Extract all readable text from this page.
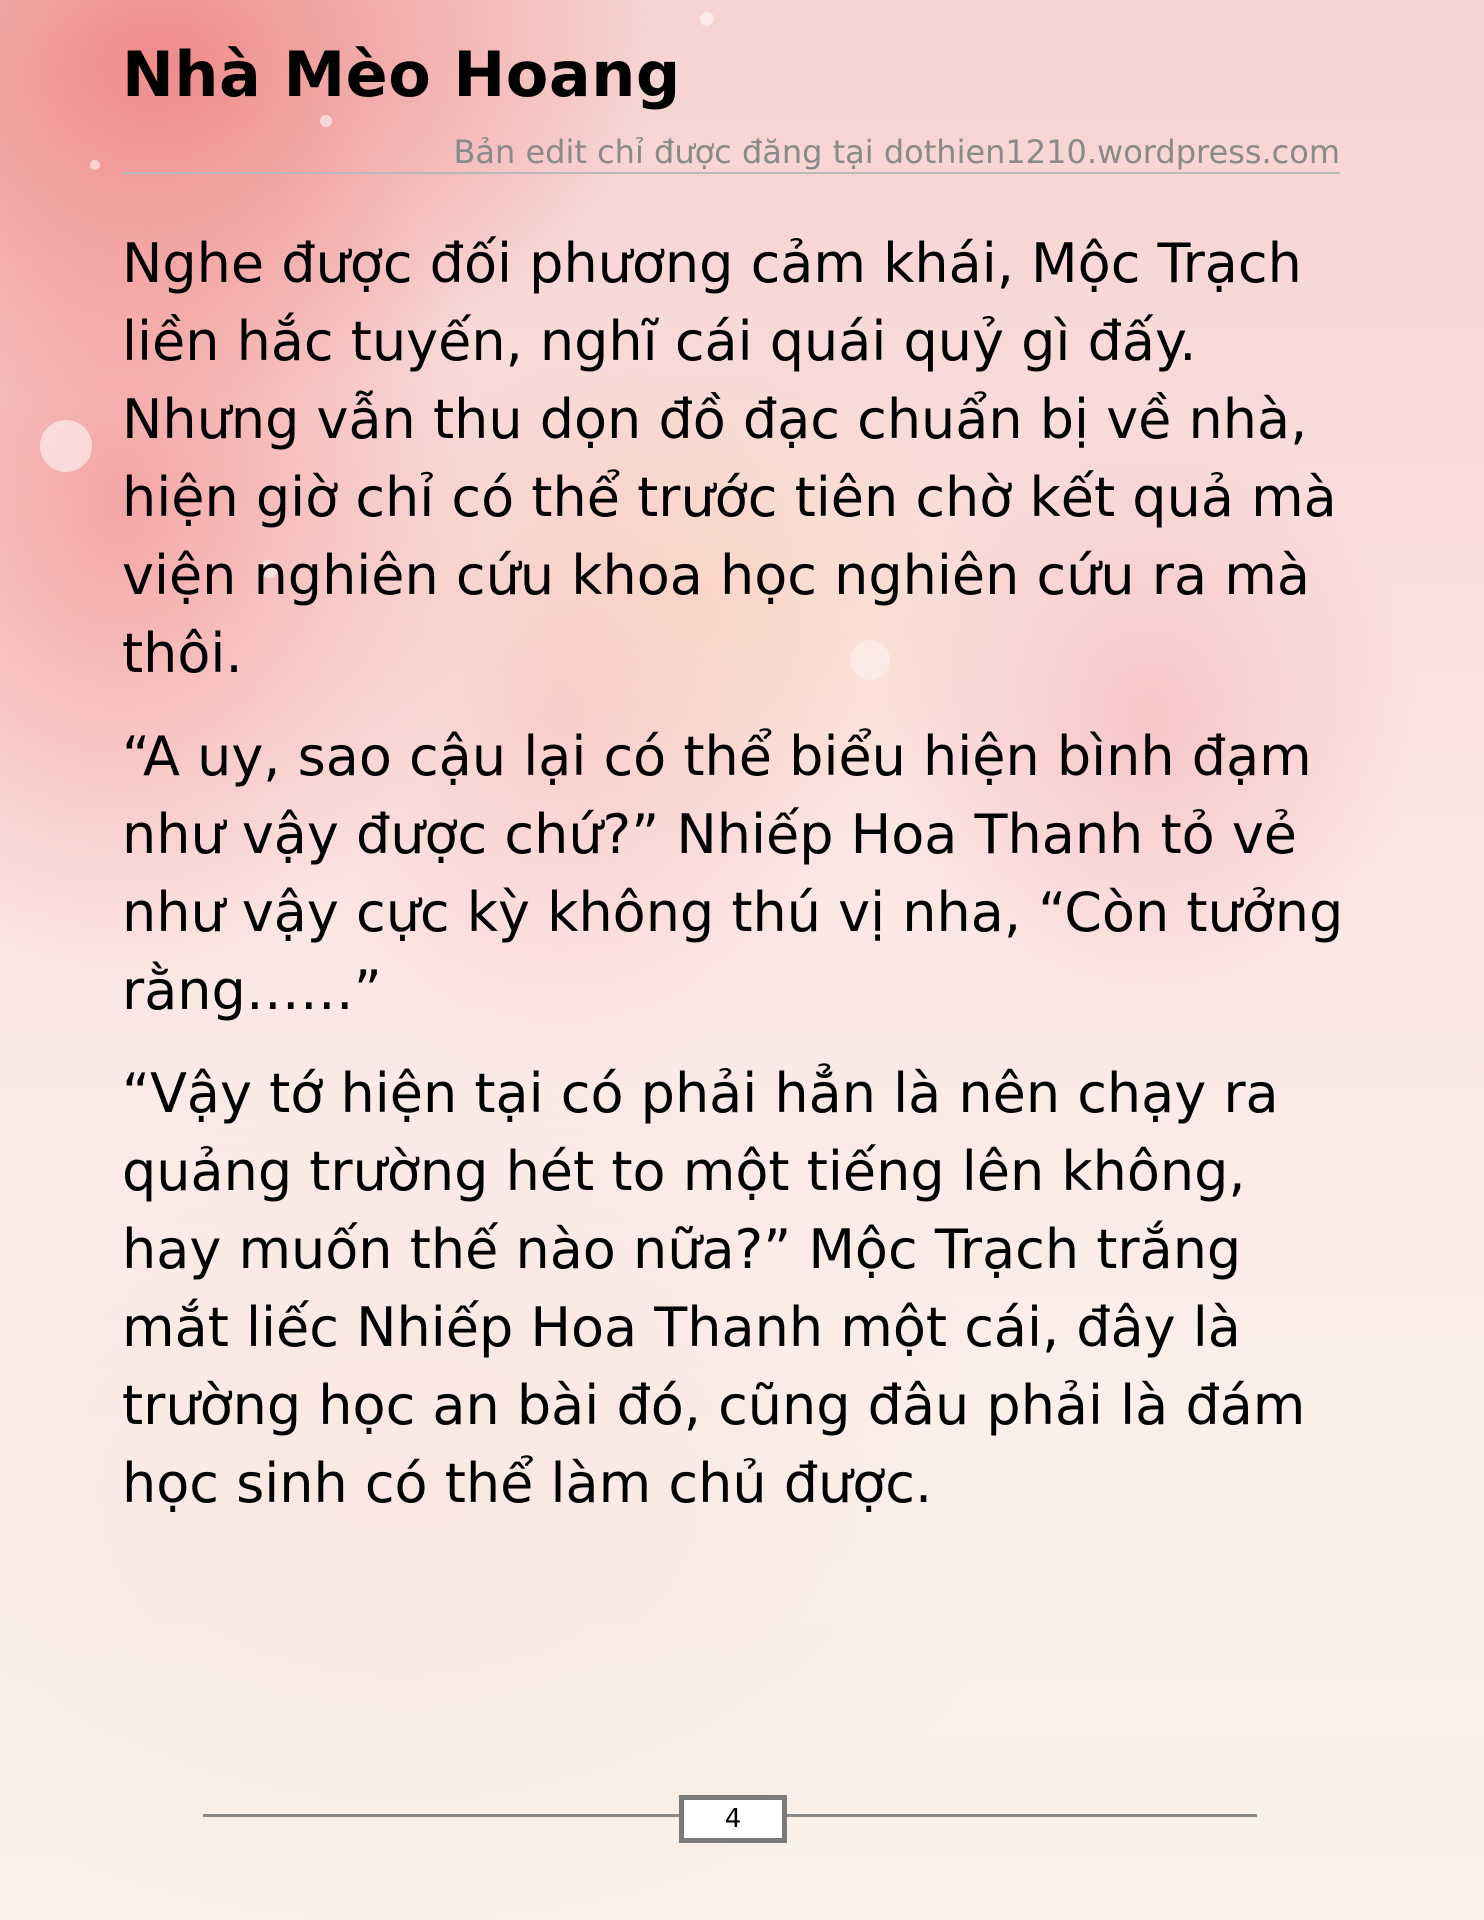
Nhà Mèo Hoang
Bản edit chỉ được đăng tại dothien1210.wordpress.com

Nghe được đối phương cảm khái, Mộc Trạch liền hắc tuyến, nghĩ cái quái quỷ gì đấy. Nhưng vẫn thu dọn đồ đạc chuẩn bị về nhà, hiện giờ chỉ có thể trước tiên chờ kết quả mà viện nghiên cứu khoa học nghiên cứu ra mà thôi.

“A uy, sao cậu lại có thể biểu hiện bình đạm như vậy được chứ?” Nhiếp Hoa Thanh tỏ vẻ như vậy cực kỳ không thú vị nha, “Còn tưởng rằng……”

“Vậy tớ hiện tại có phải hẳn là nên chạy ra quảng trường hét to một tiếng lên không, hay muốn thế nào nữa?” Mộc Trạch trắng mắt liếc Nhiếp Hoa Thanh một cái, đây là trường học an bài đó, cũng đâu phải là đám học sinh có thể làm chủ được.

4
